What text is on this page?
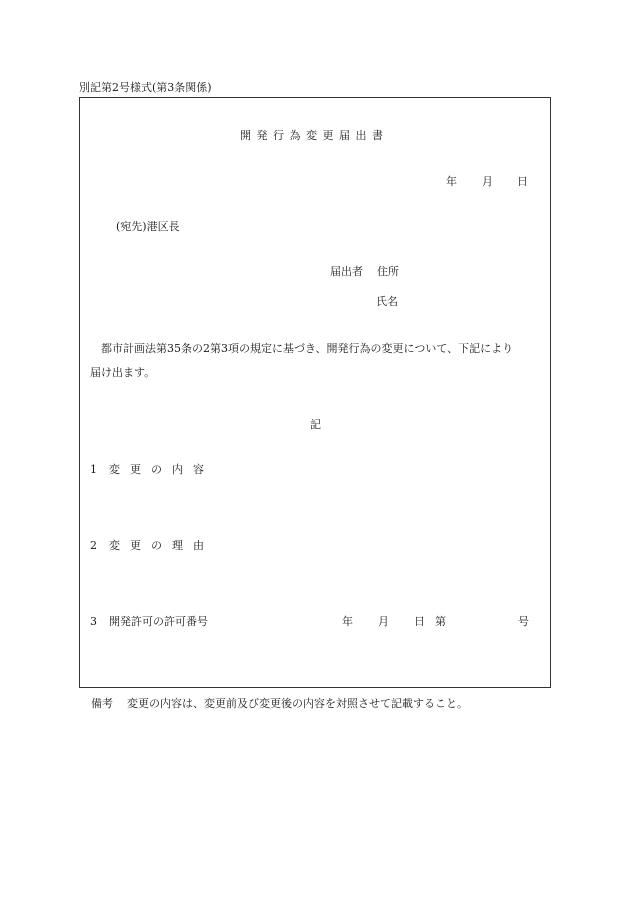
別記第2号様式(第3条関係)
開発行為変更届出書
年 月 日
(宛先)港区長
届出者 住所
氏名
都市計画法第35条の2第3項の規定に基づき、開発行為の変更について、下記により
届け出ます。
記
1 変更の内容
2 変更の理由
3 開発許可の許可番号	年 月 日 第	号
備考 変更の内容は、変更前及び変更後の内容を対照させて記載すること。
